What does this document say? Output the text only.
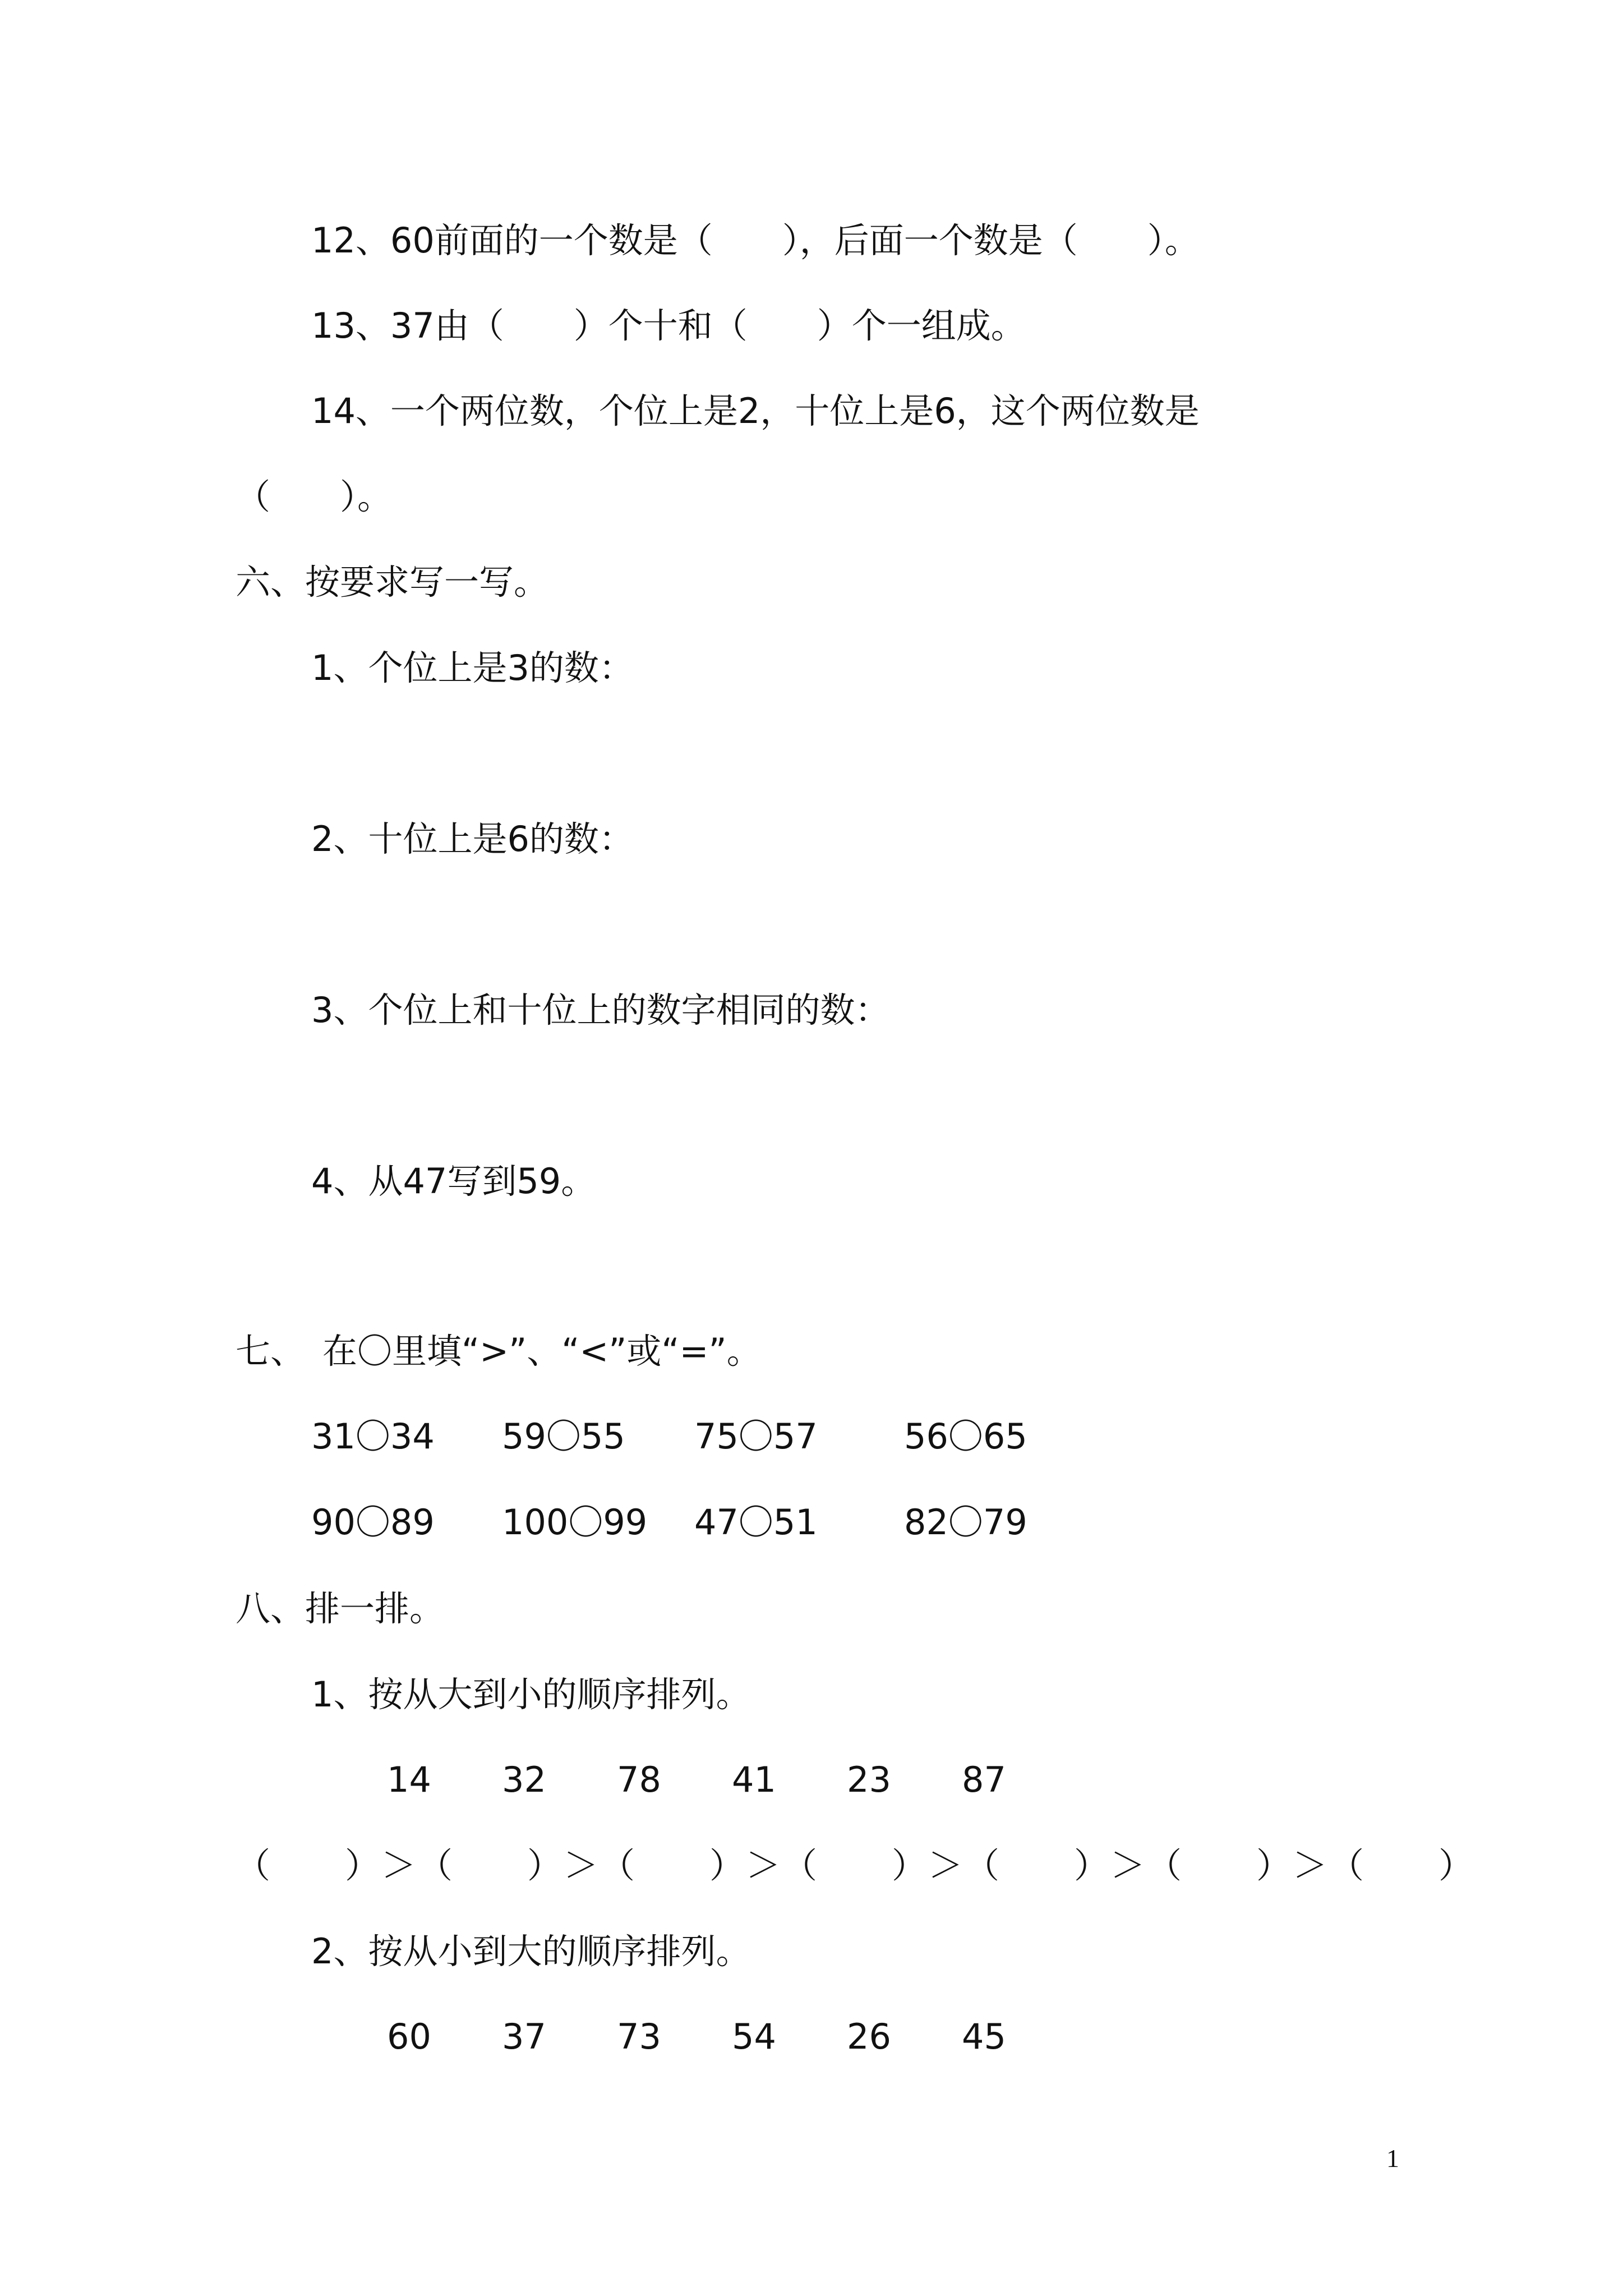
12、60前面的一个数是（　　），后面一个数是（　　）。
13、37由（　　）个十和（　　）个一组成。
14、一个两位数，个位上是2，十位上是6，这个两位数是
（　　）。
六、按要求写一写。
1、个位上是3的数：
2、十位上是6的数：
3、个位上和十位上的数字相同的数：
4、从47写到59。
七、　在〇里填“>”、“<”或“=”。
31〇34 59〇55 75〇57 56〇65
90〇89 100〇99 47〇51 82〇79
八、排一排。
1、按从大到小的顺序排列。
14 32 78 41 23 87
（　　）＞（　　）＞（　　）＞（　　）＞（　　）＞（　　）＞（　　）
2、按从小到大的顺序排列。
60 37 73 54 26 45
1
